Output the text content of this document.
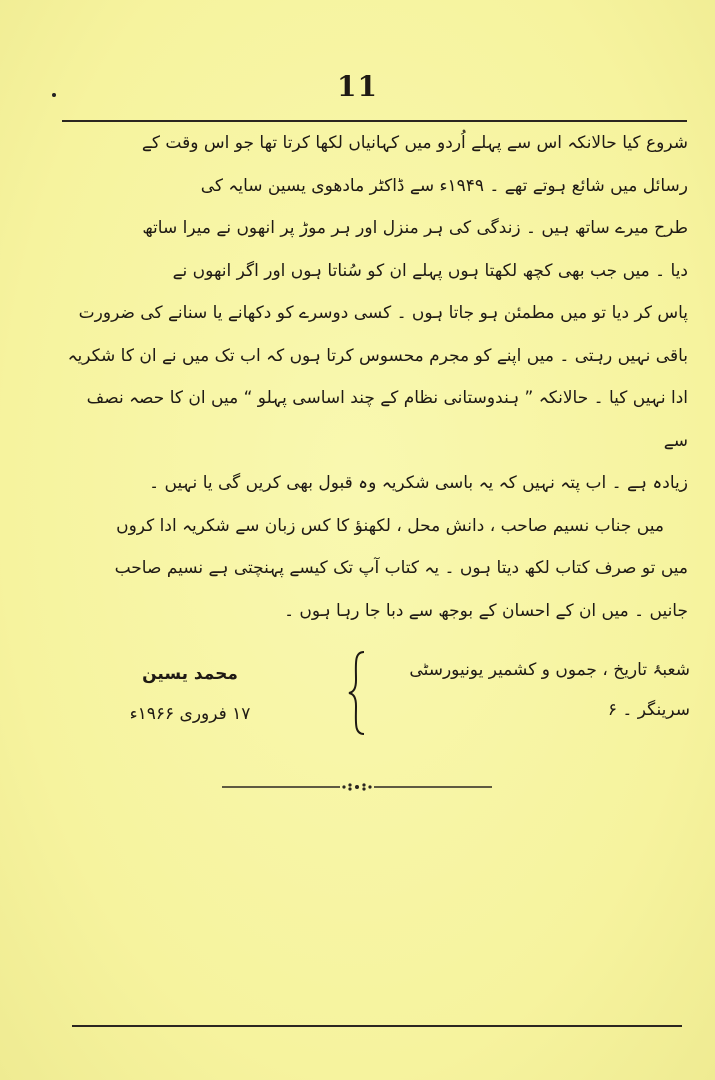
11

شروع کیا حالانکہ اس سے پہلے اُردو میں کہانیاں لکھا کرتا تھا جو اس وقت کے

رسائل میں شائع ہوتے تھے ۔ ۱۹۴۹ء سے ڈاکٹر مادھوی یسین سایہ کی

طرح میرے ساتھ ہیں ۔ زندگی کی ہر منزل اور ہر موڑ پر انھوں نے میرا ساتھ

دیا ۔ میں جب بھی کچھ لکھتا ہوں پہلے ان کو سُناتا ہوں اور اگر انھوں نے

پاس کر دیا تو میں مطمئن ہو جاتا ہوں ۔ کسی دوسرے کو دکھانے یا سنانے کی ضرورت

باقی نہیں رہتی ۔ میں اپنے کو مجرم محسوس کرتا ہوں کہ اب تک میں نے ان کا شکریہ

ادا نہیں کیا ۔ حالانکہ ” ہندوستانی نظام کے چند اساسی پہلو “ میں ان کا حصہ نصف سے

زیادہ ہے ۔ اب پتہ نہیں کہ یہ باسی شکریہ وہ قبول بھی کریں گی یا نہیں ۔

میں جناب نسیم صاحب ، دانش محل ، لکھنؤ کا کس زبان سے شکریہ ادا کروں

میں تو صرف کتاب لکھ دیتا ہوں ۔ یہ کتاب آپ تک کیسے پہنچتی ہے نسیم صاحب

جانیں ۔ میں ان کے احسان کے بوجھ سے دبا جا رہا ہوں ۔

شعبۂ تاریخ ، جموں و کشمیر یونیورسٹی
سرینگر ۔ ۶
محمد یسین
۱۷ فروری ۱۹۶۶ء
